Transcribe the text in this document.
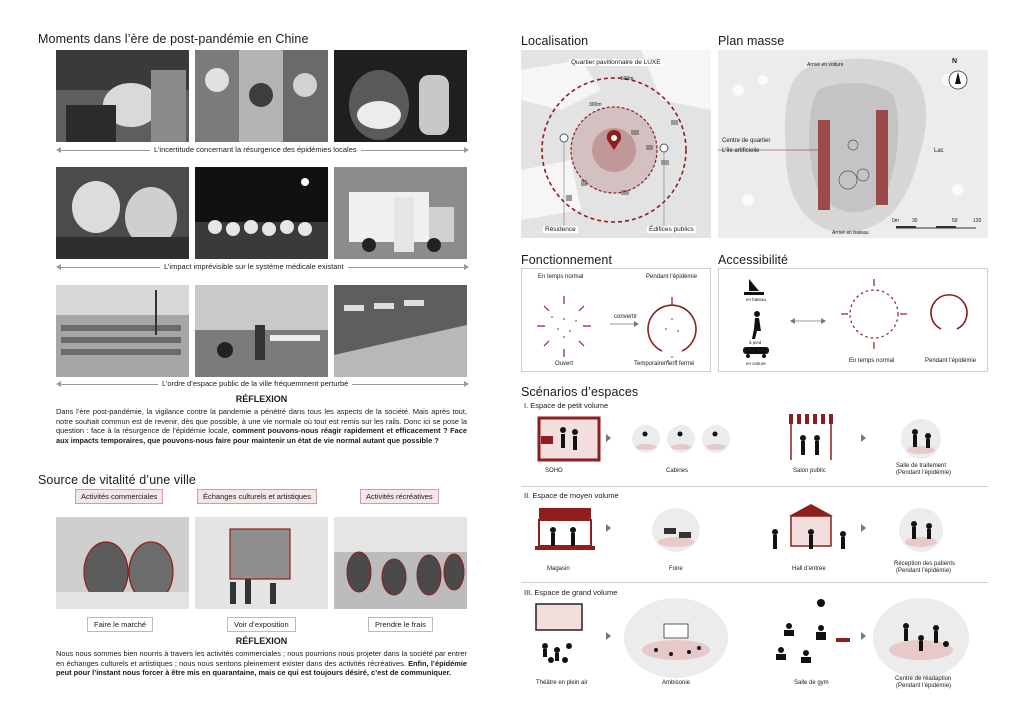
Moments dans l’ère de post-pandémie en Chine
L’incertitude concernant la résurgence des épidémies locales
L’impact imprévisible sur le système médicale existant
L’ordre d’espace public de la ville fréquemment perturbé
RÉFLEXION
Dans l’ère post-pandémie, la vigilance contre la pandemie a pénétré dans tous les aspects de la société. Mais après tout, notre souhait commun est de revenir, dès que possible, à une vie normale où tout est remis sur les rails. Donc ici se pose la question : face à la résurgence de l’épidémie locale, comment pouvons-nous réagir rapidement et efficacement ? Face aux impacts temporaires, que pouvons-nous faire pour maintenir un état de vie normal autant que possible ?
Source de vitalité d’une ville
Activités commerciales	Échanges culturels et artistiques	Activités récréatives
Faire le marché	Voir d’exposition	Prendre le frais
RÉFLEXION
Nous nous sommes bien nourris à travers les activités commerciales ; nous pourrions nous projeter dans la société par entrer en échanges culturels et artistiques ; nous nous sentons pleinement exister dans des activités récréatives. Enfin, l’épidémie peut pour l’instant nous forcer à être mis en quarantaine, mais ce qui est toujours désiré, c’est de communiquer.
Localisation	Plan masse
Quartier pavillonnaire de LUXE
500m
300m
Résidence	Édifices publics
N
Arrivé en voiture
Arrivé en bateau
Centre de quartier
L’île artificielle	Lac
0m	30	50	120
Fonctionnement
En temps normal	Pendant l’épidémie
convertir
Ouvert	Temporairement fermé
Accessibilité
en bateau
à pied
en voiture	En temps normal	Pendant l’épidémie
Scénarios d’espaces
I. Espace de petit volume
SOHO	Cabines	Salon public
Salle de traitement
(Pendant l’épidémie)
II. Espace de moyen volume
Magasin	Foire	Hall d’entrée
Réception des patients
(Pendant l’épidémie)
III. Espace de grand volume
Théâtre en plein air	Ambisonie	Salle de gym
Centre de réadaption
(Pendant l’épidémie)
